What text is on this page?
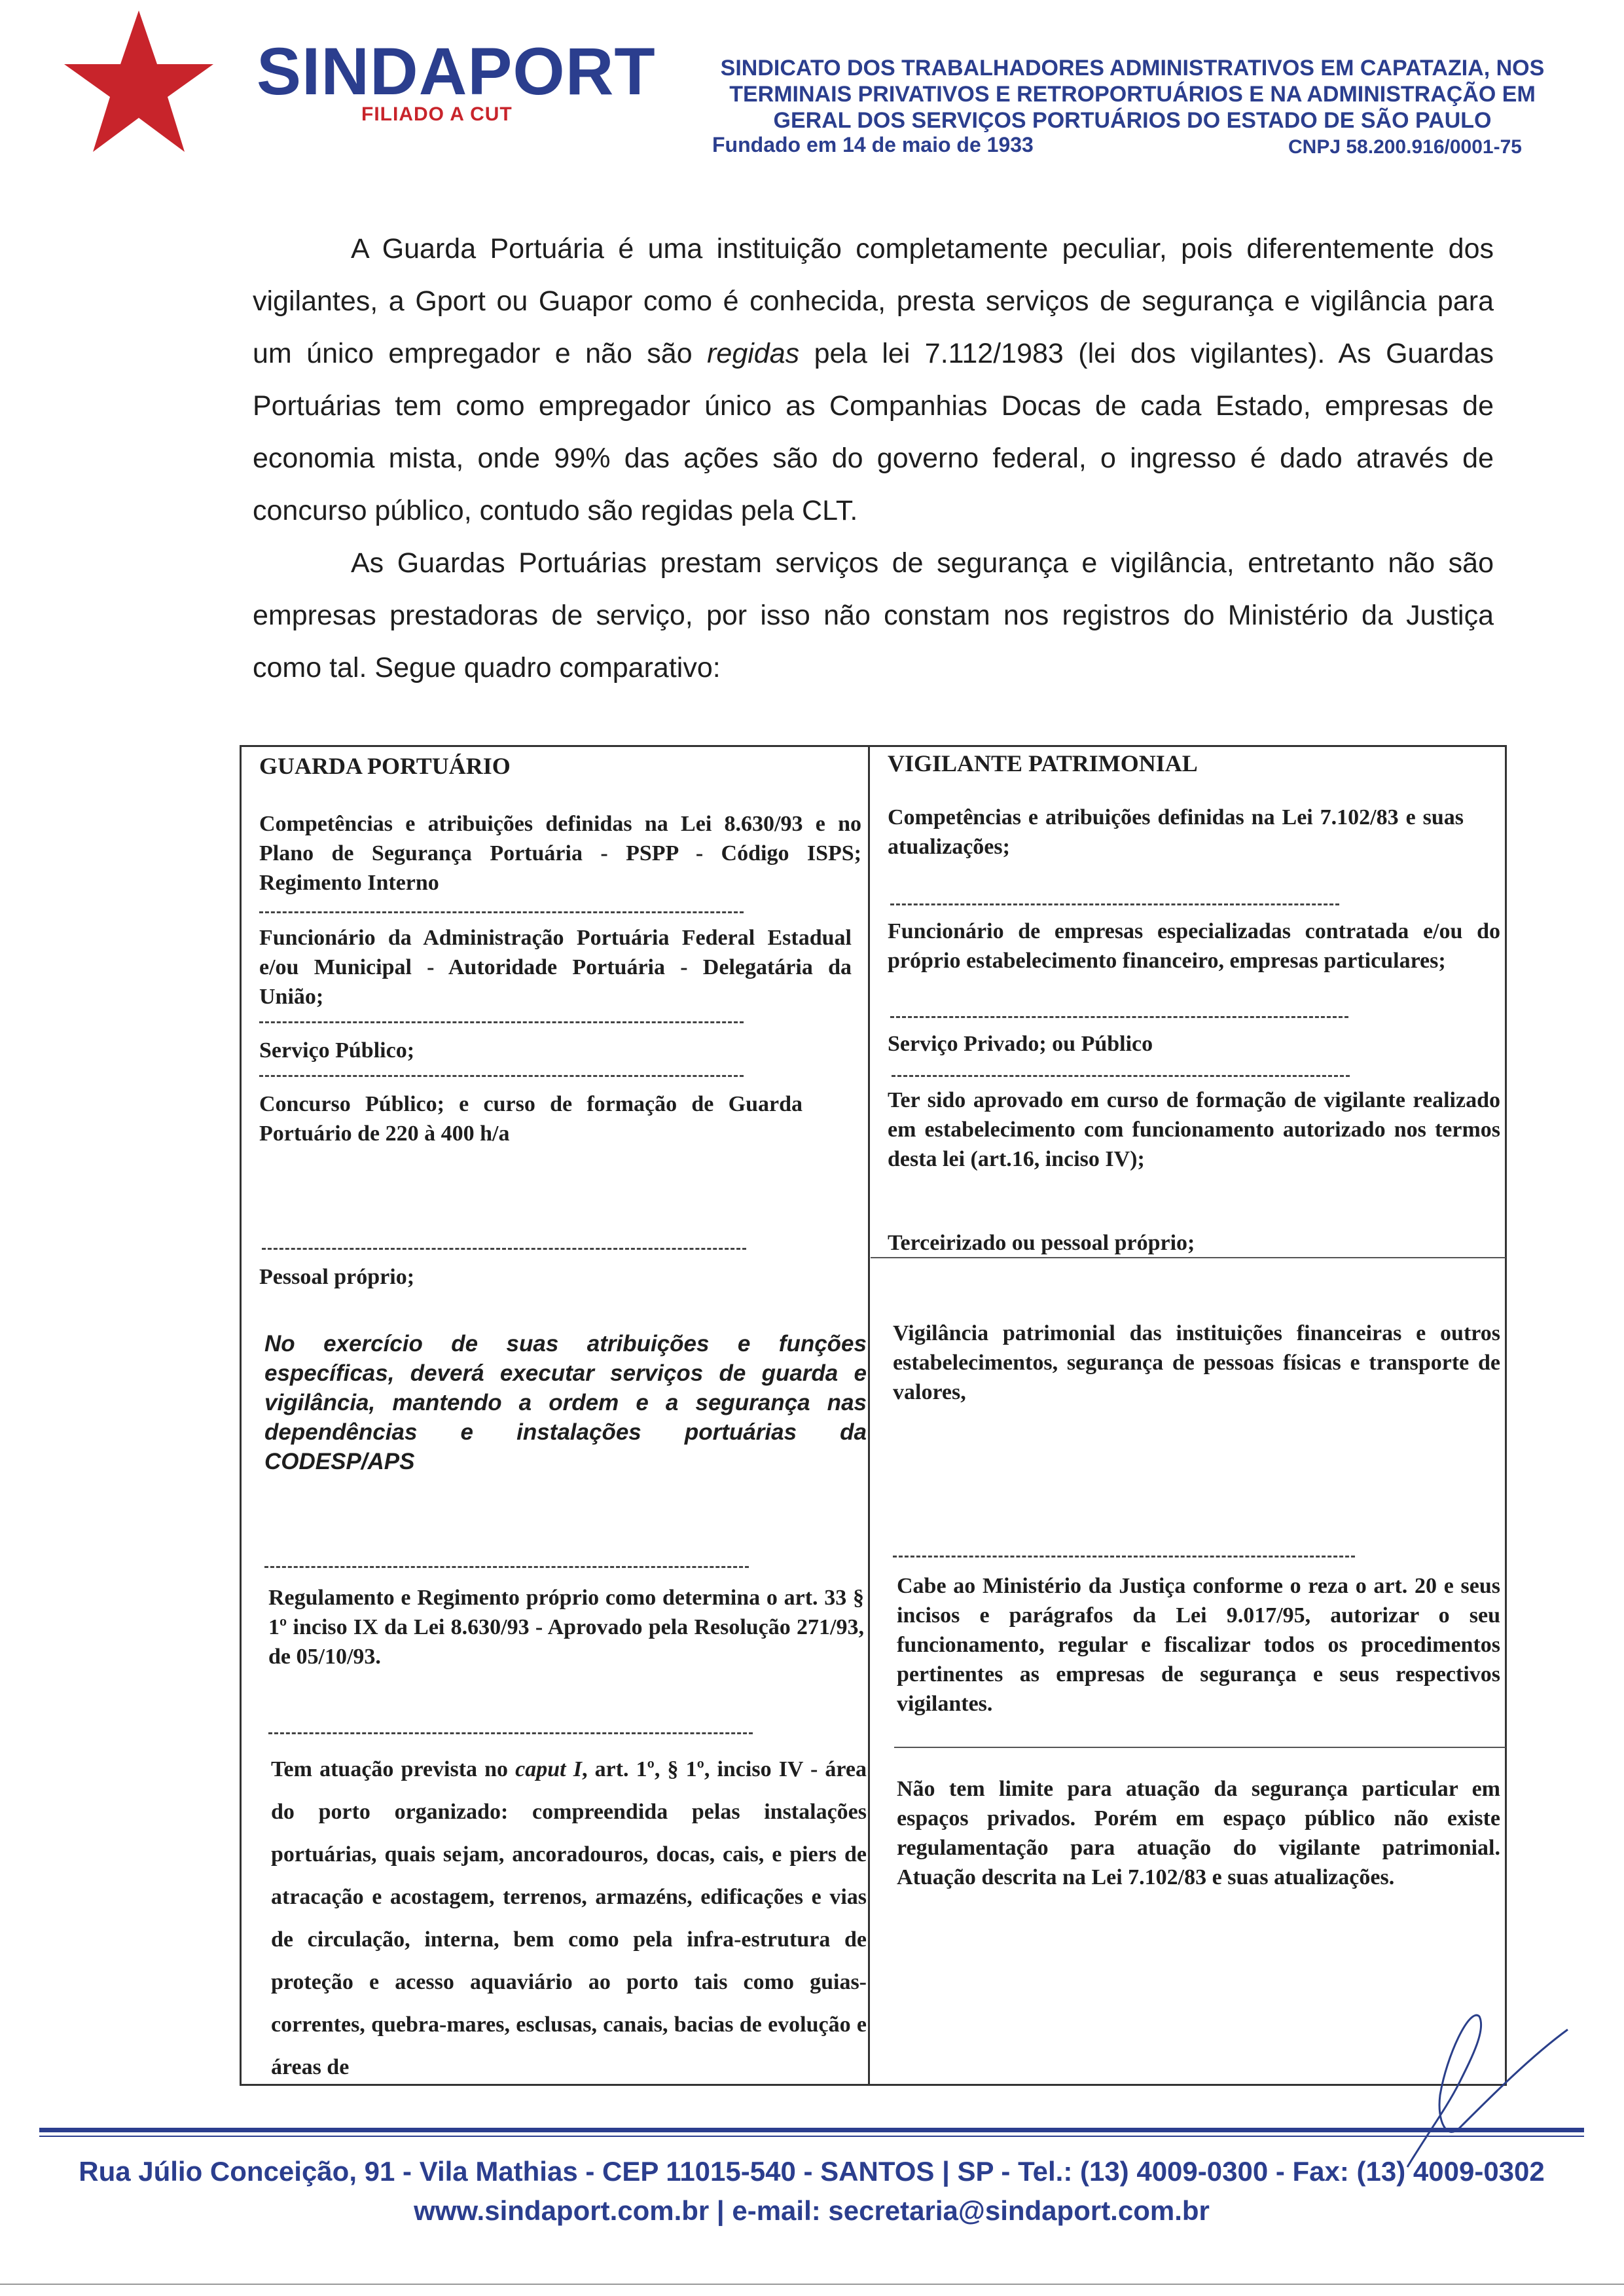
SINDAPORT
FILIADO A CUT
SINDICATO DOS TRABALHADORES ADMINISTRATIVOS EM CAPATAZIA, NOS
TERMINAIS PRIVATIVOS E RETROPORTUÁRIOS E NA ADMINISTRAÇÃO EM
GERAL DOS SERVIÇOS PORTUÁRIOS DO ESTADO DE SÃO PAULO
Fundado em 14 de maio de 1933	CNPJ 58.200.916/0001-75

A Guarda Portuária é uma instituição completamente peculiar, pois diferentemente dos vigilantes, a Gport ou Guapor como é conhecida, presta serviços de segurança e vigilância para um único empregador e não são regidas pela lei 7.112/1983 (lei dos vigilantes). As Guardas Portuárias tem como empregador único as Companhias Docas de cada Estado, empresas de economia mista, onde 99% das ações são do governo federal, o ingresso é dado através de concurso público, contudo são regidas pela CLT.

As Guardas Portuárias prestam serviços de segurança e vigilância, entretanto não são empresas prestadoras de serviço, por isso não constam nos registros do Ministério da Justiça como tal. Segue quadro comparativo:

GUARDA PORTUÁRIO
Competências e atribuições definidas na Lei 8.630/93 e no Plano de Segurança Portuária - PSPP - Código ISPS; Regimento Interno
Funcionário da Administração Portuária Federal Estadual e/ou Municipal - Autoridade Portuária - Delegatária da União;
Serviço Público;
Concurso Público; e curso de formação de Guarda Portuário de 220 à 400 h/a
Pessoal próprio;
No exercício de suas atribuições e funções específicas, deverá executar serviços de guarda e vigilância, mantendo a ordem e a segurança nas dependências e instalações portuárias da CODESP/APS
Regulamento e Regimento próprio como determina o art. 33 § 1º inciso IX da Lei 8.630/93 - Aprovado pela Resolução 271/93, de 05/10/93.
Tem atuação prevista no caput I, art. 1º, § 1º, inciso IV - área do porto organizado: compreendida pelas instalações portuárias, quais sejam, ancoradouros, docas, cais, e piers de atracação e acostagem, terrenos, armazéns, edificações e vias de circulação, interna, bem como pela infra-estrutura de proteção e acesso aquaviário ao porto tais como guias-correntes, quebra-mares, esclusas, canais, bacias de evolução e áreas de
VIGILANTE PATRIMONIAL
Competências e atribuições definidas na Lei 7.102/83 e suas atualizações;
Funcionário de empresas especializadas contratada e/ou do próprio estabelecimento financeiro, empresas particulares;
Serviço Privado; ou Público
Ter sido aprovado em curso de formação de vigilante realizado em estabelecimento com funcionamento autorizado nos termos desta lei (art.16, inciso IV);
Terceirizado ou pessoal próprio;
Vigilância patrimonial das instituições financeiras e outros estabelecimentos, segurança de pessoas físicas e transporte de valores,
Cabe ao Ministério da Justiça conforme o reza o art. 20 e seus incisos e parágrafos da Lei 9.017/95, autorizar o seu funcionamento, regular e fiscalizar todos os procedimentos pertinentes as empresas de segurança e seus respectivos vigilantes.
Não tem limite para atuação da segurança particular em espaços privados. Porém em espaço público não existe regulamentação para atuação do vigilante patrimonial. Atuação descrita na Lei 7.102/83 e suas atualizações.
Rua Júlio Conceição, 91 - Vila Mathias - CEP 11015-540 - SANTOS | SP - Tel.: (13) 4009-0300 - Fax: (13) 4009-0302
www.sindaport.com.br | e-mail: secretaria@sindaport.com.br
